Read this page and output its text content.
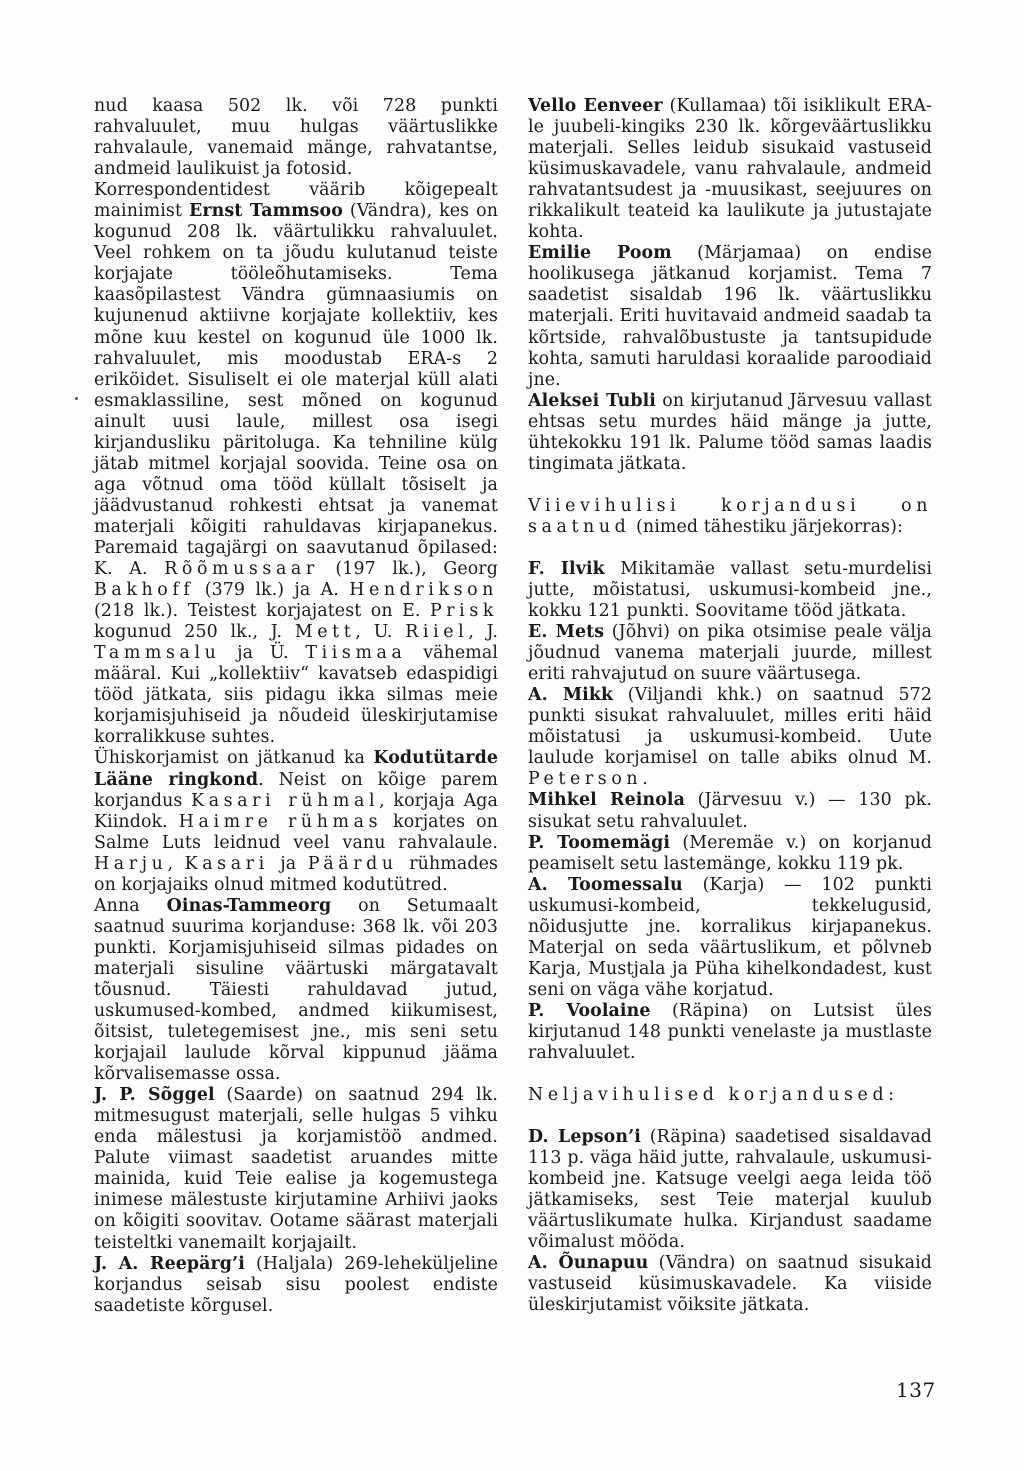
nud kaasa 502 lk. või 728 punkti rahvaluulet, muu hulgas väärtuslikke rahvalaule, vanemaid mänge, rahvatantse, andmeid laulikuist ja fotosid.

Korrespondentidest väärib kõigepealt mainimist Ernst Tammsoo (Vändra), kes on kogunud 208 lk. väärtulikku rahvaluulet. Veel rohkem on ta jõudu kulutanud teiste korjajate tööleõhutamiseks. Tema kaasõpilastest Vändra gümnaasiumis on kujunenud aktiivne korjajate kollektiiv, kes mõne kuu kestel on kogunud üle 1000 lk. rahvaluulet, mis moodustab ERA-s 2 eriköidet. Sisuliselt ei ole materjal küll alati esmaklassiline, sest mõned on kogunud ainult uusi laule, millest osa isegi kirjandusliku päritoluga. Ka tehniline külg jätab mitmel korjajal soovida. Teine osa on aga võtnud oma tööd küllalt tõsiselt ja jäädvustanud rohkesti ehtsat ja vanemat materjali kõigiti rahuldavas kirjapanekus. Paremaid tagajärgi on saavutanud õpilased: K. A. Rõõmussaar (197 lk.), Georg Bakhoff (379 lk.) ja A. Hendrikson (218 lk.). Teistest korjajatest on E. Prisk kogunud 250 lk., J. Mett, U. Riiel, J. Tammsalu ja Ü. Tiismaa vähemal määral. Kui „kollektiiv“ kavatseb edaspidigi tööd jätkata, siis pidagu ikka silmas meie korjamisjuhiseid ja nõudeid üleskirjutamise korralikkuse suhtes.

Ühiskorjamist on jätkanud ka Kodutütarde Lääne ringkond. Neist on kõige parem korjandus Kasari rühmal, korjaja Aga Kiindok. Haimre rühmas korjates on Salme Luts leidnud veel vanu rahvalaule. Harju, Kasari ja Päärdu rühmades on korjajaiks olnud mitmed kodutütred.

Anna Oinas-Tammeorg on Setumaalt saatnud suurima korjanduse: 368 lk. või 203 punkti. Korjamisjuhiseid silmas pidades on materjali sisuline väärtuski märgatavalt tõusnud. Täiesti rahuldavad jutud, uskumused-kombed, andmed kiikumisest, õitsist, tuletegemisest jne., mis seni setu korjajail laulude kõrval kippunud jääma kõrvalisemasse ossa.

J. P. Sõggel (Saarde) on saatnud 294 lk. mitmesugust materjali, selle hulgas 5 vihku enda mälestusi ja korjamistöö andmed. Palute viimast saadetist aruandes mitte mainida, kuid Teie ealise ja kogemustega inimese mälestuste kirjutamine Arhiivi jaoks on kõigiti soovitav. Ootame säärast materjali teisteltki vanemailt korjajailt.

J. A. Reepärg’i (Haljala) 269-leheküljeline korjandus seisab sisu poolest endiste saadetiste kõrgusel.

Vello Eenveer (Kullamaa) tõi isiklikult ERA-le juubeli-kingiks 230 lk. kõrgeväärtuslikku materjali. Selles leidub sisukaid vastuseid küsimuskavadele, vanu rahvalaule, andmeid rahvatantsudest ja -muusikast, seejuures on rikkalikult teateid ka laulikute ja jutustajate kohta.

Emilie Poom (Märjamaa) on endise hoolikusega jätkanud korjamist. Tema 7 saadetist sisaldab 196 lk. väärtuslikku materjali. Eriti huvitavaid andmeid saadab ta kõrtside, rahvalõbustuste ja tantsupidude kohta, samuti haruldasi koraalide paroodiaid jne.

Aleksei Tubli on kirjutanud Järvesuu vallast ehtsas setu murdes häid mänge ja jutte, ühtekokku 191 lk. Palume tööd samas laadis tingimata jätkata.

Viievihulisi korjandusi on saatnud (nimed tähestiku järjekorras):

F. Ilvik Mikitamäe vallast setu-murdelisi jutte, mõistatusi, uskumusi-kombeid jne., kokku 121 punkti. Soovitame tööd jätkata.

E. Mets (Jõhvi) on pika otsimise peale välja jõudnud vanema materjali juurde, millest eriti rahvajutud on suure väärtusega.

A. Mikk (Viljandi khk.) on saatnud 572 punkti sisukat rahvaluulet, milles eriti häid mõistatusi ja uskumusi-kombeid. Uute laulude korjamisel on talle abiks olnud M. Peterson.

Mihkel Reinola (Järvesuu v.) — 130 pk. sisukat setu rahvaluulet.

P. Toomemägi (Meremäe v.) on korjanud peamiselt setu lastemänge, kokku 119 pk.

A. Toomessalu (Karja) — 102 punkti uskumusi-kombeid, tekkelugusid, nõidusjutte jne. korralikus kirjapanekus. Materjal on seda väärtuslikum, et põlvneb Karja, Mustjala ja Püha kihelkondadest, kust seni on väga vähe korjatud.

P. Voolaine (Räpina) on Lutsist üles kirjutanud 148 punkti venelaste ja mustlaste rahvaluulet.

Neljavihulised korjandused:

D. Lepson’i (Räpina) saadetised sisaldavad 113 p. väga häid jutte, rahvalaule, uskumusi-kombeid jne. Katsuge veelgi aega leida töö jätkamiseks, sest Teie materjal kuulub väärtuslikumate hulka. Kirjandust saadame võimalust mööda.

A. Õunapuu (Vändra) on saatnud sisukaid vastuseid küsimuskavadele. Ka viiside üleskirjutamist võiksite jätkata.

137
